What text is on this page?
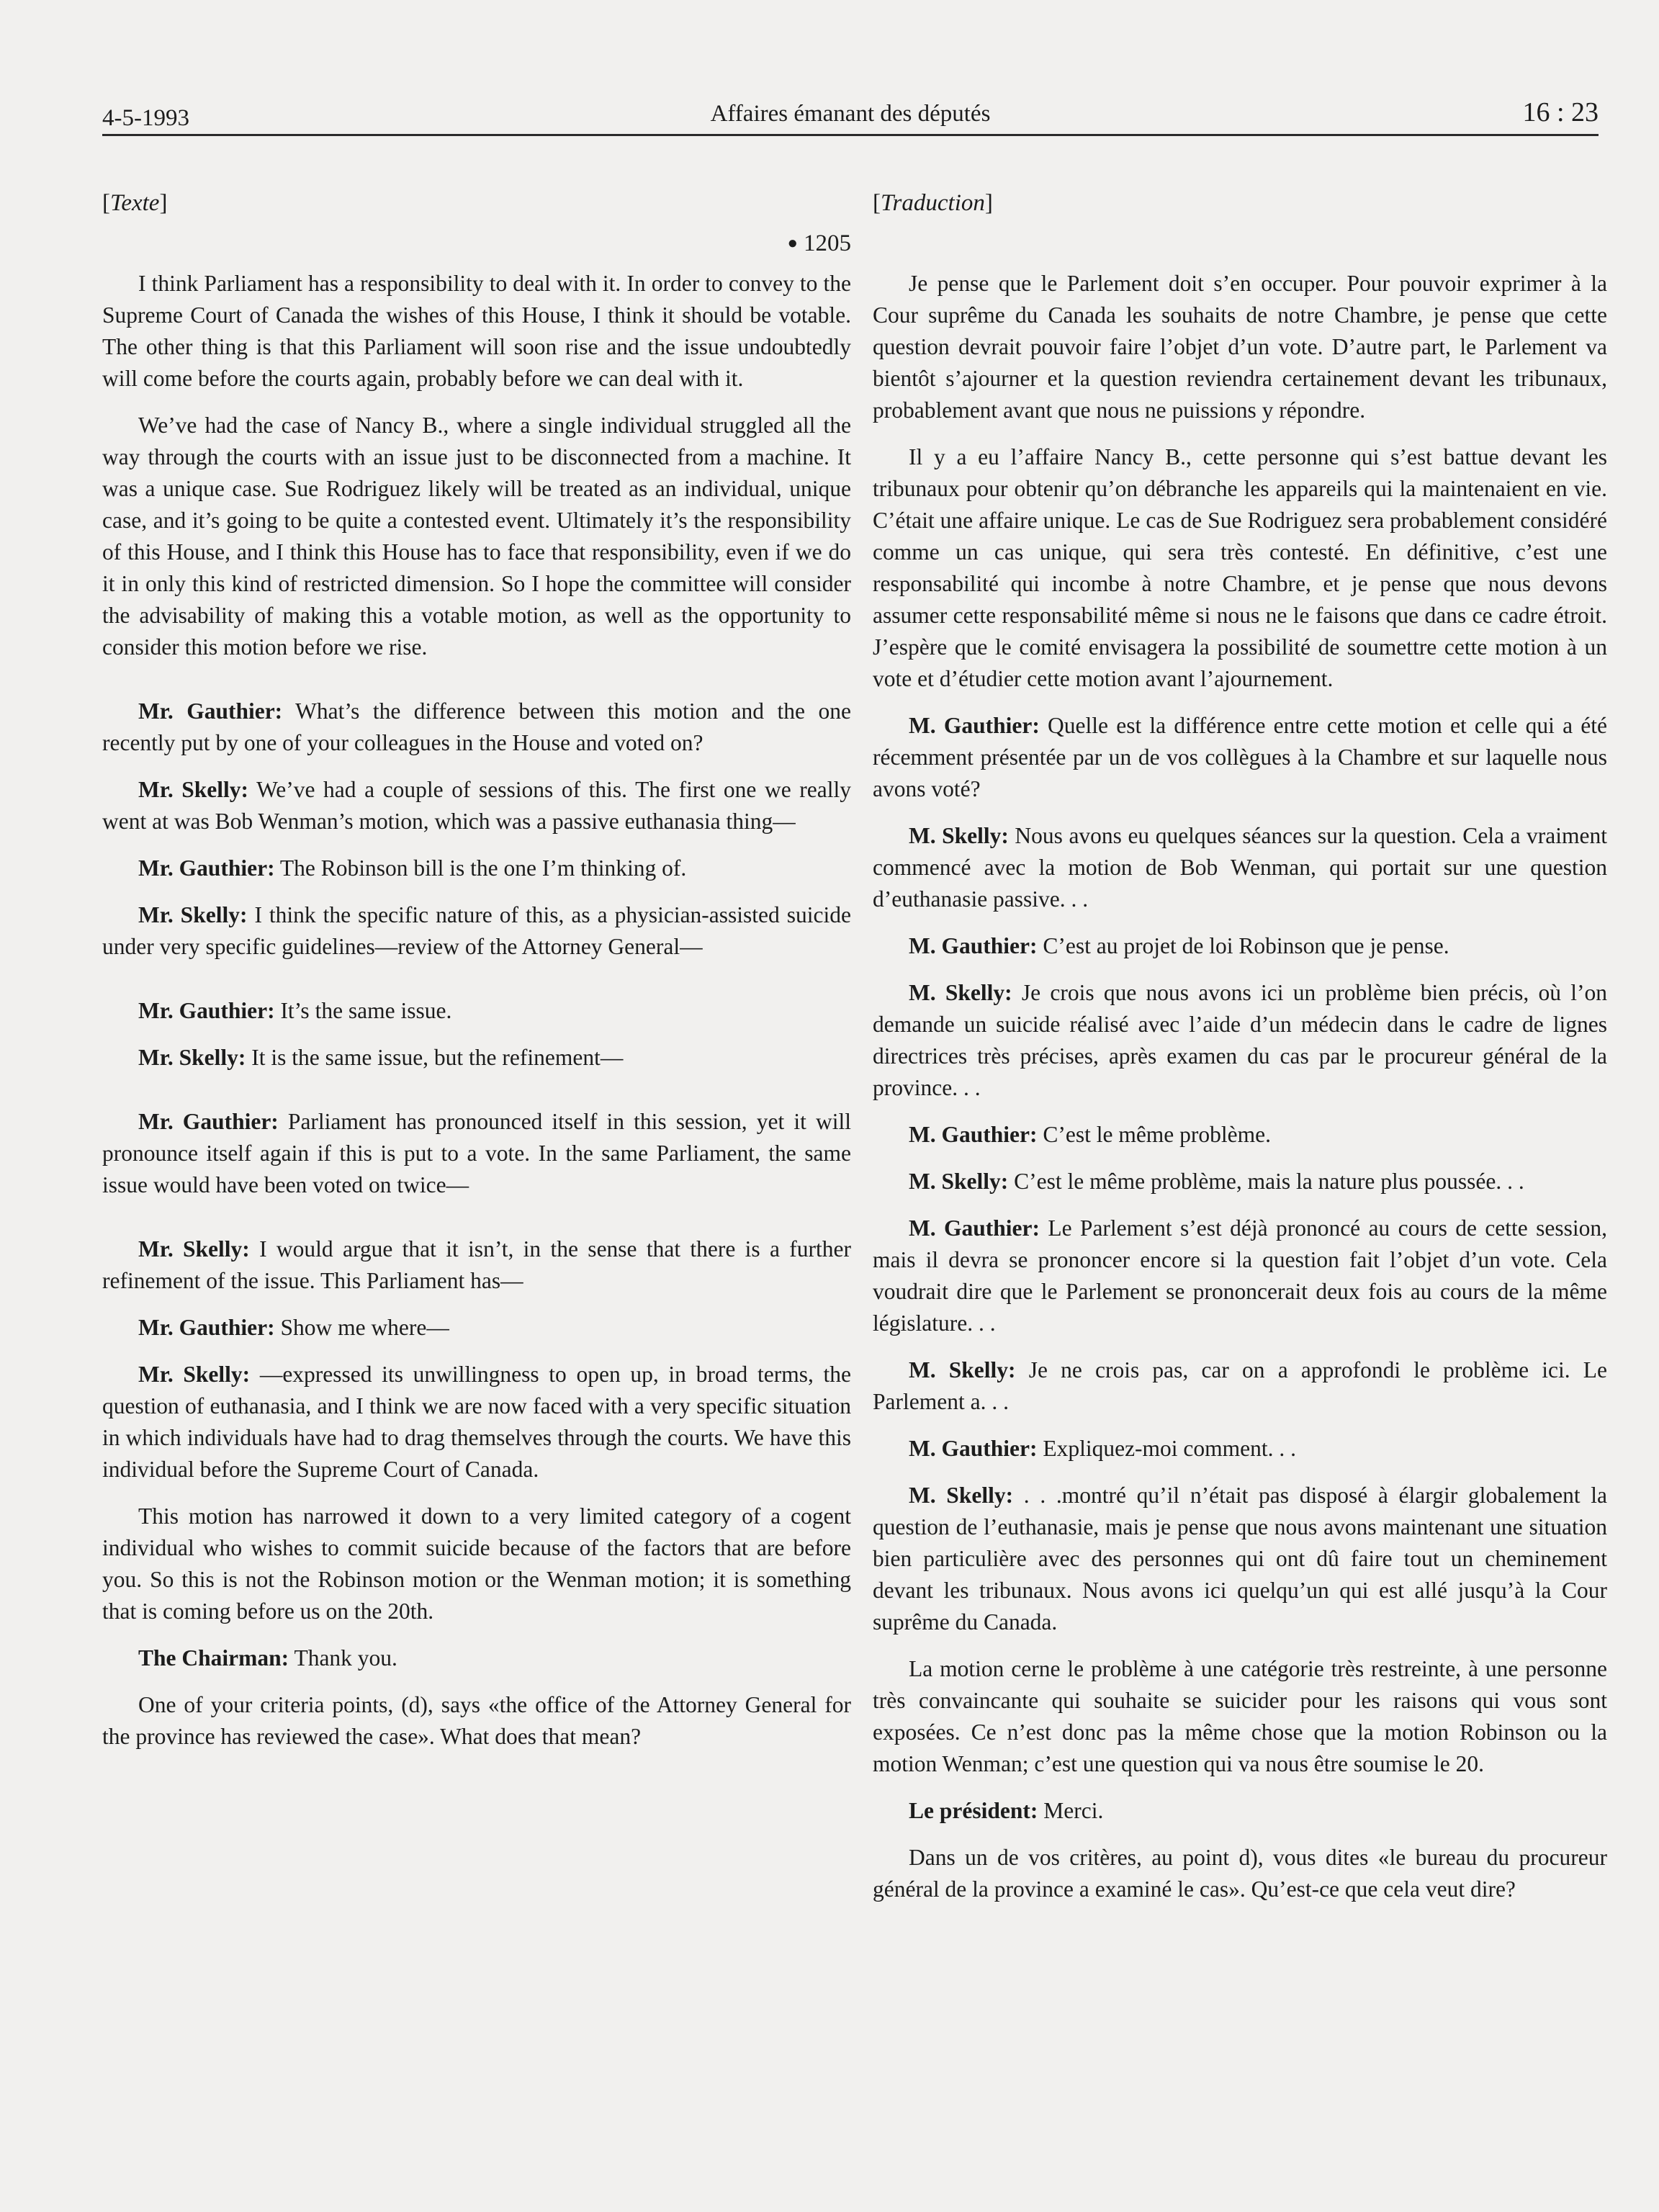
4-5-1993	Affaires émanant des députés	16 : 23
[Texte]
● 1205

I think Parliament has a responsibility to deal with it. In order to convey to the Supreme Court of Canada the wishes of this House, I think it should be votable. The other thing is that this Parliament will soon rise and the issue undoubtedly will come before the courts again, probably before we can deal with it.

We’ve had the case of Nancy B., where a single individual struggled all the way through the courts with an issue just to be disconnected from a machine. It was a unique case. Sue Rodriguez likely will be treated as an individual, unique case, and it’s going to be quite a contested event. Ultimately it’s the responsibility of this House, and I think this House has to face that responsibility, even if we do it in only this kind of restricted dimension. So I hope the committee will consider the advisability of making this a votable motion, as well as the opportunity to consider this motion before we rise.

Mr. Gauthier: What’s the difference between this motion and the one recently put by one of your colleagues in the House and voted on?

Mr. Skelly: We’ve had a couple of sessions of this. The first one we really went at was Bob Wenman’s motion, which was a passive euthanasia thing—

Mr. Gauthier: The Robinson bill is the one I’m thinking of.

Mr. Skelly: I think the specific nature of this, as a physician-assisted suicide under very specific guidelines—review of the Attorney General—

Mr. Gauthier: It’s the same issue.

Mr. Skelly: It is the same issue, but the refinement—

Mr. Gauthier: Parliament has pronounced itself in this session, yet it will pronounce itself again if this is put to a vote. In the same Parliament, the same issue would have been voted on twice—

Mr. Skelly: I would argue that it isn’t, in the sense that there is a further refinement of the issue. This Parliament has—

Mr. Gauthier: Show me where—

Mr. Skelly: —expressed its unwillingness to open up, in broad terms, the question of euthanasia, and I think we are now faced with a very specific situation in which individuals have had to drag themselves through the courts. We have this individual before the Supreme Court of Canada.

This motion has narrowed it down to a very limited category of a cogent individual who wishes to commit suicide because of the factors that are before you. So this is not the Robinson motion or the Wenman motion; it is something that is coming before us on the 20th.

The Chairman: Thank you.

One of your criteria points, (d), says «the office of the Attorney General for the province has reviewed the case». What does that mean?

[Traduction]

Je pense que le Parlement doit s’en occuper. Pour pouvoir exprimer à la Cour suprême du Canada les souhaits de notre Chambre, je pense que cette question devrait pouvoir faire l’objet d’un vote. D’autre part, le Parlement va bientôt s’ajourner et la question reviendra certainement devant les tribunaux, probablement avant que nous ne puissions y répondre.

Il y a eu l’affaire Nancy B., cette personne qui s’est battue devant les tribunaux pour obtenir qu’on débranche les appareils qui la maintenaient en vie. C’était une affaire unique. Le cas de Sue Rodriguez sera probablement considéré comme un cas unique, qui sera très contesté. En définitive, c’est une responsabilité qui incombe à notre Chambre, et je pense que nous devons assumer cette responsabilité même si nous ne le faisons que dans ce cadre étroit. J’espère que le comité envisagera la possibilité de soumettre cette motion à un vote et d’étudier cette motion avant l’ajournement.

M. Gauthier: Quelle est la différence entre cette motion et celle qui a été récemment présentée par un de vos collègues à la Chambre et sur laquelle nous avons voté?

M. Skelly: Nous avons eu quelques séances sur la question. Cela a vraiment commencé avec la motion de Bob Wenman, qui portait sur une question d’euthanasie passive. . .

M. Gauthier: C’est au projet de loi Robinson que je pense.

M. Skelly: Je crois que nous avons ici un problème bien précis, où l’on demande un suicide réalisé avec l’aide d’un médecin dans le cadre de lignes directrices très précises, après examen du cas par le procureur général de la province. . .

M. Gauthier: C’est le même problème.

M. Skelly: C’est le même problème, mais la nature plus poussée. . .

M. Gauthier: Le Parlement s’est déjà prononcé au cours de cette session, mais il devra se prononcer encore si la question fait l’objet d’un vote. Cela voudrait dire que le Parlement se prononcerait deux fois au cours de la même législature. . .

M. Skelly: Je ne crois pas, car on a approfondi le problème ici. Le Parlement a. . .

M. Gauthier: Expliquez-moi comment. . .

M. Skelly: . . .montré qu’il n’était pas disposé à élargir globalement la question de l’euthanasie, mais je pense que nous avons maintenant une situation bien particulière avec des personnes qui ont dû faire tout un cheminement devant les tribunaux. Nous avons ici quelqu’un qui est allé jusqu’à la Cour suprême du Canada.

La motion cerne le problème à une catégorie très restreinte, à une personne très convaincante qui souhaite se suicider pour les raisons qui vous sont exposées. Ce n’est donc pas la même chose que la motion Robinson ou la motion Wenman; c’est une question qui va nous être soumise le 20.

Le président: Merci.

Dans un de vos critères, au point d), vous dites «le bureau du procureur général de la province a examiné le cas». Qu’est-ce que cela veut dire?
